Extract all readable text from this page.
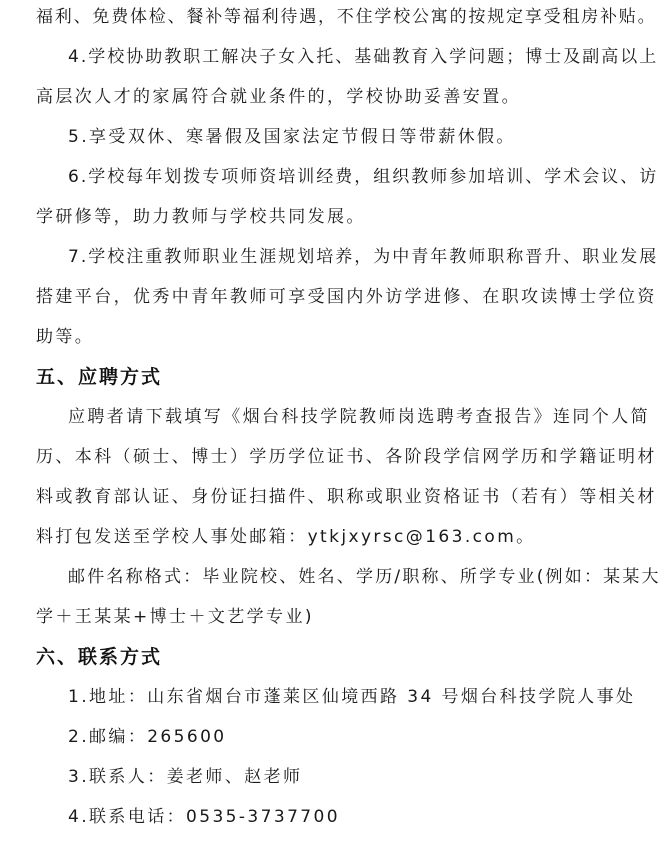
福利、免费体检、餐补等福利待遇，不住学校公寓的按规定享受租房补贴。
4.学校协助教职工解决子女入托、基础教育入学问题；博士及副高以上
高层次人才的家属符合就业条件的，学校协助妥善安置。
5.享受双休、寒暑假及国家法定节假日等带薪休假。
6.学校每年划拨专项师资培训经费，组织教师参加培训、学术会议、访
学研修等，助力教师与学校共同发展。
7.学校注重教师职业生涯规划培养，为中青年教师职称晋升、职业发展
搭建平台，优秀中青年教师可享受国内外访学进修、在职攻读博士学位资
助等。
五、应聘方式
应聘者请下载填写《烟台科技学院教师岗选聘考查报告》连同个人简
历、本科（硕士、博士）学历学位证书、各阶段学信网学历和学籍证明材
料或教育部认证、身份证扫描件、职称或职业资格证书（若有）等相关材
料打包发送至学校人事处邮箱：ytkjxyrsc@163.com。
邮件名称格式：毕业院校、姓名、学历/职称、所学专业(例如：某某大
学＋王某某+博士＋文艺学专业)
六、联系方式
1.地址：山东省烟台市蓬莱区仙境西路 34 号烟台科技学院人事处
2.邮编：265600
3.联系人：姜老师、赵老师
4.联系电话：0535-3737700
